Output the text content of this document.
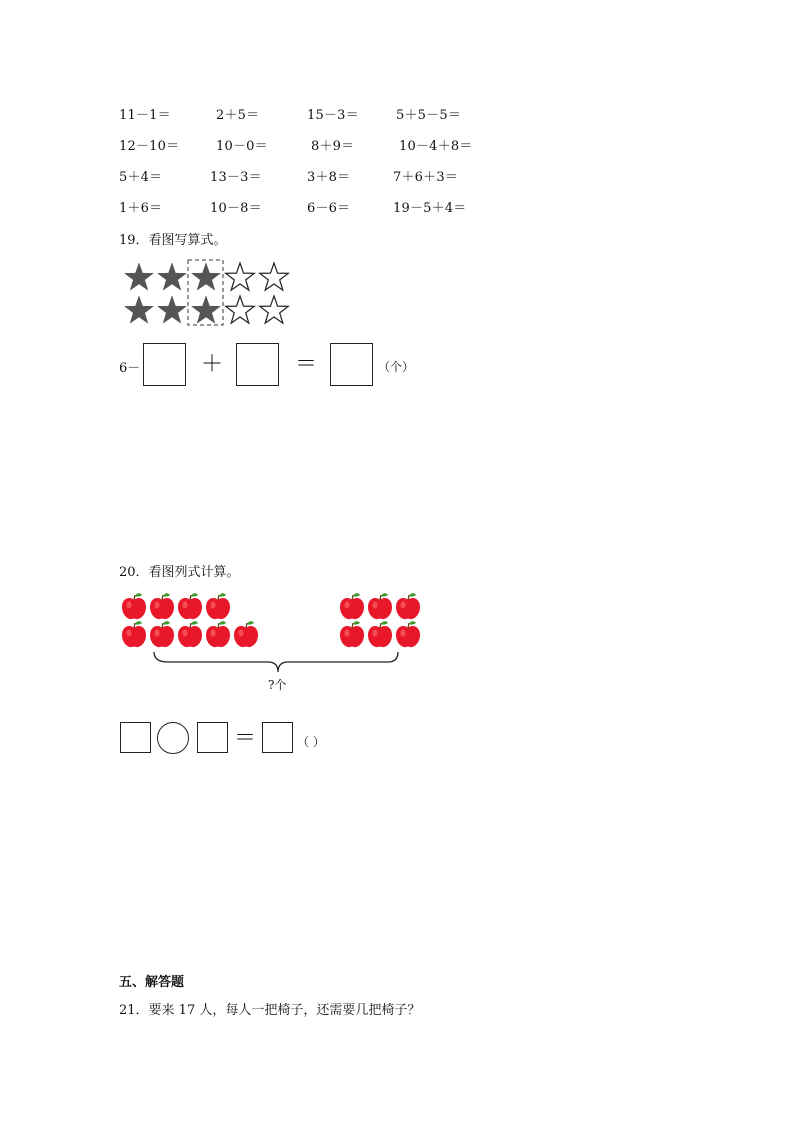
11－1＝	2＋5＝	15－3＝	5＋5－5＝
12－10＝	10－0＝	8＋9＝	10－4＋8＝
5＋4＝	13－3＝	3＋8＝	7＋6＋3＝
1＋6＝	10－8＝	6－6＝	19－5＋4＝
19．看图写算式。
6－	＋	＝	（个）
20．看图列式计算。
?个
＝	（ ）
五、解答题
21．要来 17 人，每人一把椅子，还需要几把椅子？
